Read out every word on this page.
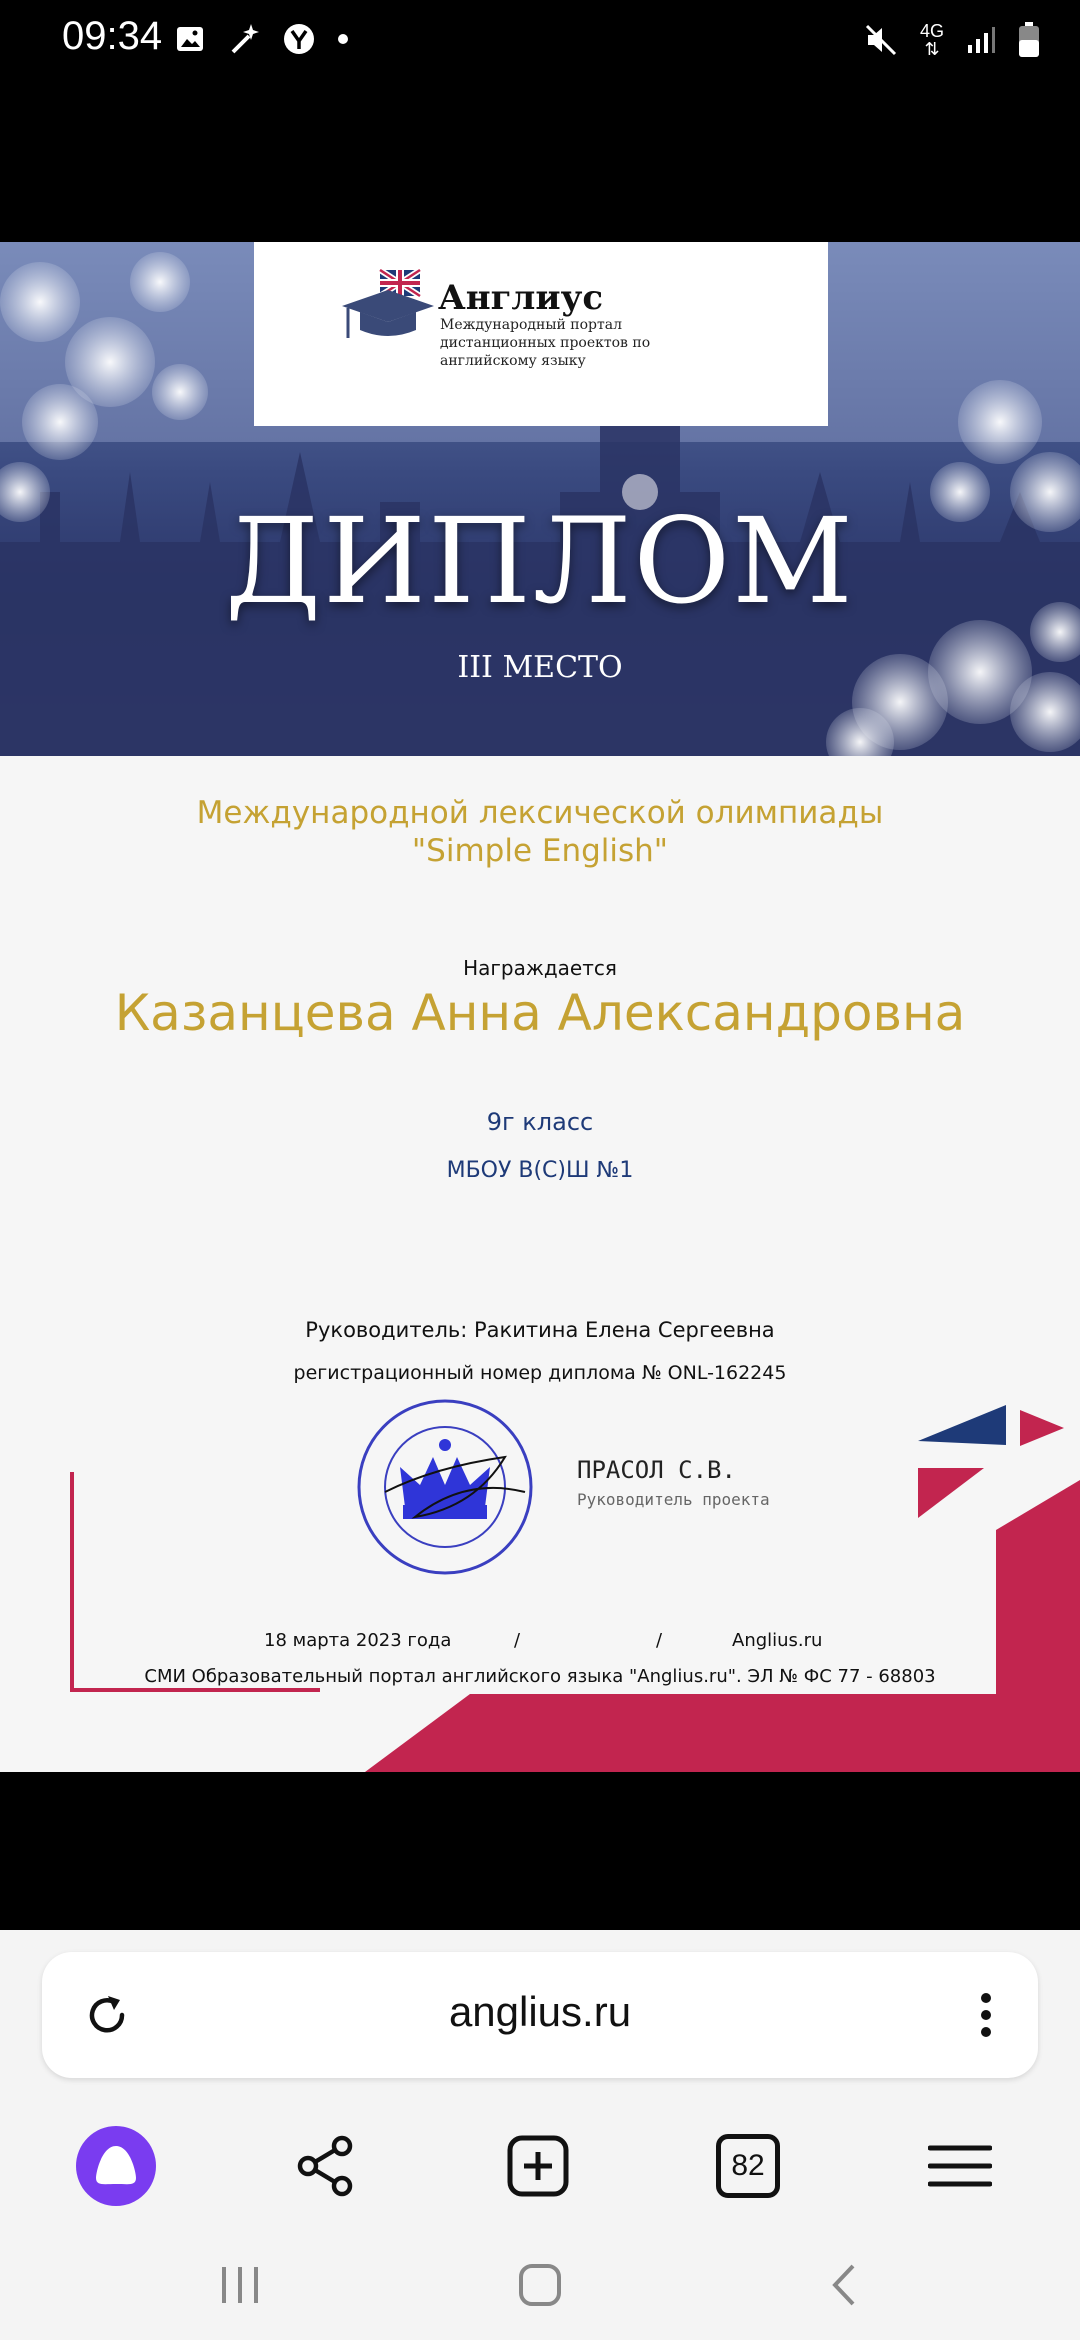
09:34	4G
⇅
Англиус
Международный портал дистанционных проектов по английскому языку
ДИПЛОМ
III МЕСТО
Международной лексической олимпиады
"Simple English"
Награждается
Казанцева Анна Александровна
9г класс
МБОУ В(С)Ш №1
Руководитель: Ракитина Елена Сергеевна
регистрационный номер диплома № ONL-162245
ПРАСОЛ С.В.
Руководитель проекта
18 марта 2023 года	/	/	Anglius.ru
СМИ Образовательный портал английского языка "Anglius.ru". ЭЛ № ФС 77 - 68803
anglius.ru
82
